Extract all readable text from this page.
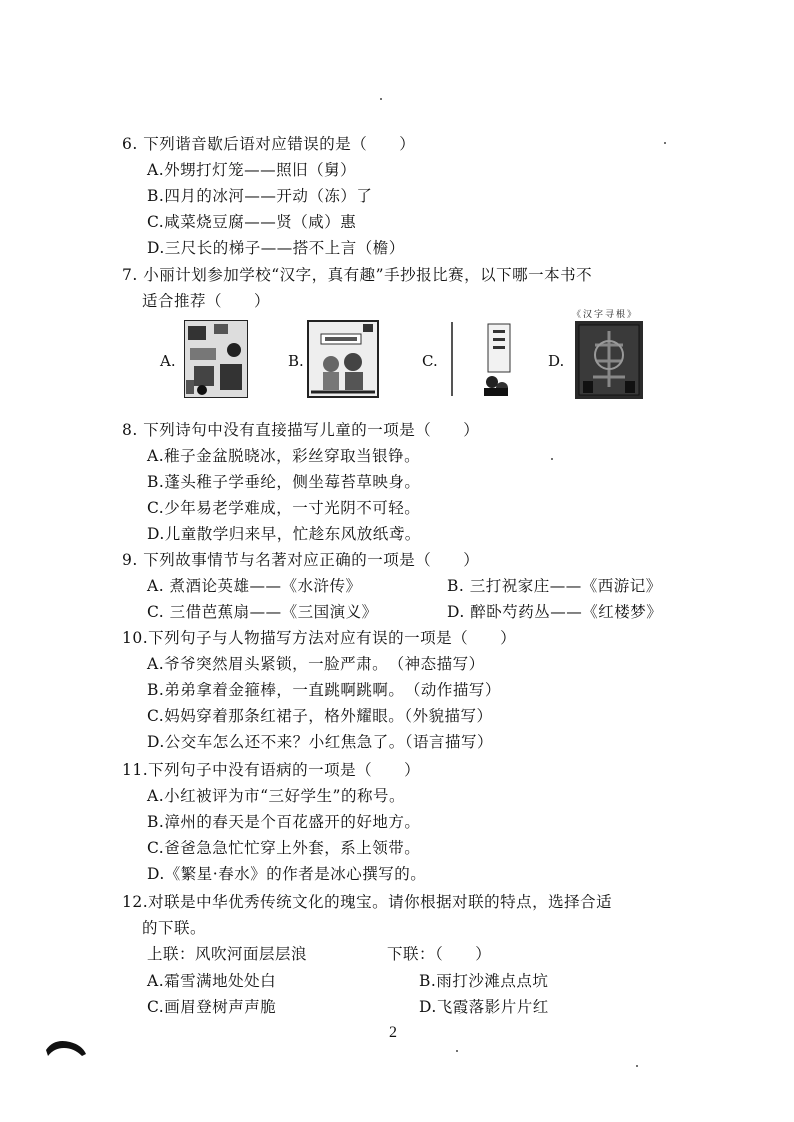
6. 下列谐音歇后语对应错误的是（　　）
A.外甥打灯笼——照旧（舅）
B.四月的冰河——开动（冻）了
C.咸菜烧豆腐——贤（咸）惠
D.三尺长的梯子——搭不上言（檐）
7. 小丽计划参加学校“汉字，真有趣”手抄报比赛，以下哪一本书不
适合推荐（　　）
A.	B.	C.	D.
《汉字寻根》
8. 下列诗句中没有直接描写儿童的一项是（　　）
A.稚子金盆脱晓冰，彩丝穿取当银铮。
B.蓬头稚子学垂纶，侧坐莓苔草映身。
C.少年易老学难成，一寸光阴不可轻。
D.儿童散学归来早，忙趁东风放纸鸢。
9. 下列故事情节与名著对应正确的一项是（　　）
A. 煮酒论英雄——《水浒传》	B. 三打祝家庄——《西游记》
C. 三借芭蕉扇——《三国演义》	D. 醉卧芍药丛——《红楼梦》
10.下列句子与人物描写方法对应有误的一项是（　　）
A.爷爷突然眉头紧锁，一脸严肃。　（神态描写）
B.弟弟拿着金箍棒，一直跳啊跳啊。　（动作描写）
C.妈妈穿着那条红裙子，格外耀眼。（外貌描写）
D.公交车怎么还不来？小红焦急了。（语言描写）
11.下列句子中没有语病的一项是（　　）
A.小红被评为市“三好学生”的称号。
B.漳州的春天是个百花盛开的好地方。
C.爸爸急急忙忙穿上外套，系上领带。
D.《繁星·春水》的作者是冰心撰写的。
12.对联是中华优秀传统文化的瑰宝。请你根据对联的特点，选择合适
的下联。
上联：风吹河面层层浪	下联：（　　）
A.霜雪满地处处白	B.雨打沙滩点点坑
C.画眉登树声声脆	D.飞霞落影片片红
2
